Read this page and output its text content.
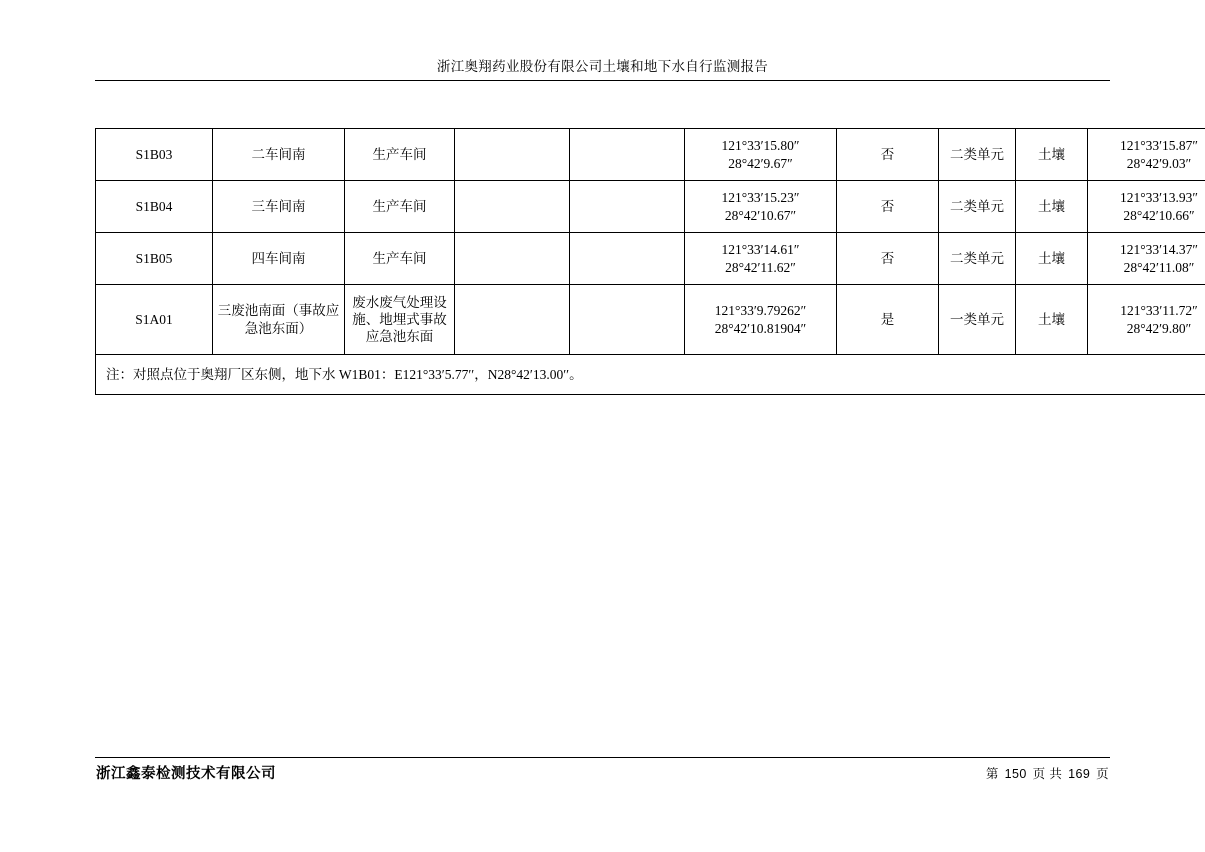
浙江奥翔药业股份有限公司土壤和地下水自行监测报告
S1B03	二车间南	生产车间			121°33′15.80″
28°42′9.67″	否	二类单元	土壤	121°33′15.87″
28°42′9.03″

S1B04	三车间南	生产车间			121°33′15.23″
28°42′10.67″	否	二类单元	土壤	121°33′13.93″
28°42′10.66″

S1B05	四车间南	生产车间			121°33′14.61″
28°42′11.62″	否	二类单元	土壤	121°33′14.37″
28°42′11.08″

S1A01	三废池南面（事故应急池东面）	废水废气处理设施、地埋式事故应急池东面			121°33′9.79262″
28°42′10.81904″	是	一类单元	土壤	121°33′11.72″
28°42′9.80″

注：对照点位于奥翔厂区东侧，地下水 W1B01：E121°33′5.77′′，N28°42′13.00′′。									
浙江鑫泰检测技术有限公司	第 150 页 共 169 页
